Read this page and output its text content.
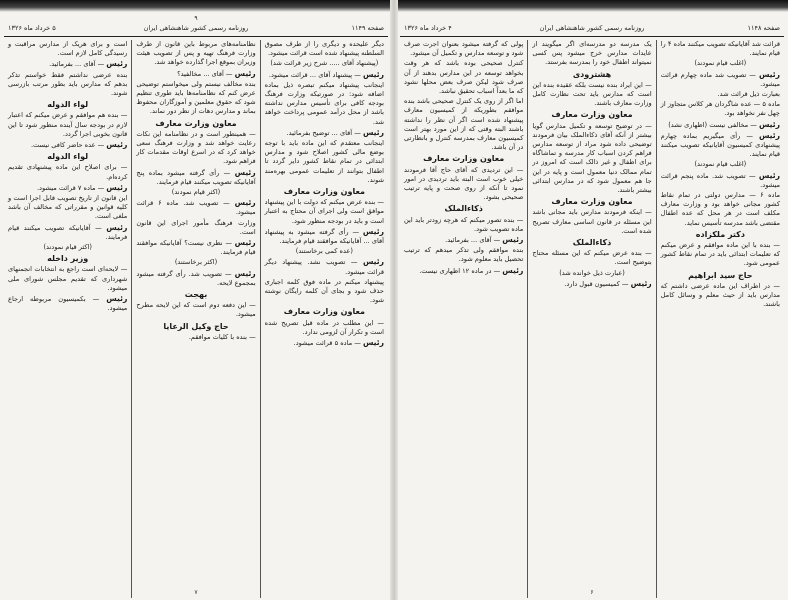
صفحه ۱۱۴۹
۹
روزنامه رسمی کشور شاهنشاهی ایران
۵ خرداد ماه ۱۳۲۶

دیگر علیحده و دیگری را از طرف مصوق السلطنه پیشنهاد شده است قرائت میشود.

(پیشنهاد آقای ..... شرح زیر قرائت شد)

رئیس — پیشنهاد آقای ... قرائت میشود.

اینجانب پیشنهاد میکنم تبصره ذیل بماده اضافه شود: در صورتیکه وزارت فرهنگ بودجه کافی برای تأسیس مدارس نداشته باشد از محل درآمد عمومی پرداخت خواهد شد.

رئیس — آقای ... توضیح بفرمائید.

اینجانب معتقدم که این ماده باید با توجه بوضع مالی کشور اصلاح شود و مدارس ابتدائی در تمام نقاط کشور دایر گردد تا اطفال بتوانند از تعلیمات عمومی بهره‌مند شوند.

معاون وزارت معارف

— بنده عرض میکنم که دولت با این پیشنهاد موافق است ولی اجرای آن محتاج به اعتبار است و باید در بودجه منظور شود.

رئیس — رأی گرفته میشود به پیشنهاد آقای ... آقایانیکه موافقند قیام فرمایند.

(عده کمی برخاستند)

رئیس — تصویب نشد. پیشنهاد دیگر قرائت میشود.

پیشنهاد میکنم در ماده فوق کلمه اجباری حذف شود و بجای آن کلمه رایگان نوشته شود.

معاون وزارت معارف

— این مطلب در ماده قبل تصریح شده است و تکرار آن لزومی ندارد.

رئیس — ماده ۵ قرائت میشود.

نظامنامه‌های مربوط باین قانون از طرف وزارت فرهنگ تهیه و پس از تصویب هیئت وزیران بموقع اجرا گذارده خواهد شد.

رئیس — آقای ... مخالفید؟

بنده مخالف نیستم ولی میخواستم توضیحی عرض کنم که نظامنامه‌ها باید طوری تنظیم شود که حقوق معلمین و آموزگاران محفوظ بماند و مدارس دهات از نظر دور نماند.

معاون وزارت معارف

— همینطور است و در نظامنامه این نکات رعایت خواهد شد و وزارت فرهنگ سعی خواهد کرد که در اسرع اوقات مقدمات کار فراهم شود.

رئیس — رأی گرفته میشود بماده پنج آقایانیکه تصویب میکنند قیام فرمایند.

(اکثر قیام نمودند)

رئیس — تصویب شد. ماده ۶ قرائت میشود.

وزارت فرهنگ مأمور اجرای این قانون است.

رئیس — نظری نیست؟ آقایانیکه موافقند قیام فرمایند.

(اکثر برخاستند)

رئیس — تصویب شد. رأی گرفته میشود بمجموع لایحه.

بهجت

— این دفعه دوم است که این لایحه مطرح میشود.

حاج وکیل الرعایا

— بنده با کلیات موافقم.

است و برای هریک از مدارس مراقبت و رسیدگی کامل لازم است.

رئیس — آقای ... بفرمائید.

بنده عرضی نداشتم فقط خواستم تذکر بدهم که مدارس باید بطور مرتب بازرسی شوند.

لواء الدوله

— بنده هم موافقم و عرض میکنم که اعتبار لازم در بودجه سال آینده منظور شود تا این قانون بخوبی اجرا گردد.

رئیس — عده حاضر کافی نیست.

لواء الدوله

— برای اصلاح این ماده پیشنهادی تقدیم کرده‌ام.

رئیس — ماده ۷ قرائت میشود.

این قانون از تاریخ تصویب قابل اجرا است و کلیه قوانین و مقرراتی که مخالف آن باشد ملغی است.

رئیس — آقایانیکه تصویب میکنند قیام فرمایند.

(اکثر قیام نمودند)

وزیر داخله

— لایحه‌ای است راجع به انتخابات انجمنهای شهرداری که تقدیم مجلس شورای ملی میشود.

رئیس — بکمیسیون مربوطه ارجاع میشود.

۷
صفحه ۱۱۴۸
روزنامه رسمی کشور شاهنشاهی ایران
۴ خرداد ماه ۱۳۲۶

قرائت شد آقایانیکه تصویب میکنند ماده ۴ را قیام نمایند.

(اغلب قیام نمودند)

رئیس — تصویب شد ماده چهارم قرائت میشود.

بعبارت ذیل قرائت شد.

ماده ۵ — عده شاگردان هر کلاس متجاوز از چهل نفر نخواهد بود.

رئیس — مخالفی نیست (اظهاری نشد)

رئیس — رأی میگیریم بماده چهارم پیشنهادی کمیسیون آقایانیکه تصویب میکنند قیام نمایند.

(اغلب قیام نمودند)

رئیس — تصویب شد. ماده پنجم قرائت میشود.

ماده ۶ — مدارس دولتی در تمام نقاط کشور مجانی خواهد بود و وزارت معارف مکلف است در هر محل که عده اطفال مقتضی باشد مدرسه تأسیس نماید.

دکتر ملکزاده

— بنده با این ماده موافقم و عرض میکنم که تعلیمات ابتدائی باید در تمام نقاط کشور عمومی شود.

حاج سید ابراهیم

— در اطراف این ماده عرضی داشتم که مدارس باید از حیث معلم و وسائل کامل باشند.

یک مدرسه دو مدرسه‌ای اگر میگویند از عایدات مدارس خرج میشود پس کسی نمیتواند اطفال خود را بمدرسه بفرستد.

هشترودی

— این ایراد بنده نیست بلکه عقیده بنده این است که مدارس باید تحت نظارت کامل وزارت معارف باشند.

معاون وزارت معارف

— در توضیح توسعه و تکمیل مدارس گویا بیشتر از آنکه آقای ذکاءالملک بیان فرمودند توضیحی داده شود مراد از توسعه مدارس فراهم کردن اسباب کار مدرسه و تماشاگاه برای اطفال و غیر ذالک است که امروز در تمام ممالک دنیا معمول است و پایه در این جا هم معمول شود که در مدارس ابتدائی بیشتر باشند.

معاون وزارت معارف

— اینکه فرمودند مدارس باید مجانی باشد این مسئله در قانون اساسی معارف تصریح شده است.

ذکاءالملک

— بنده عرض میکنم که این مسئله محتاج بتوضیح است.

(عبارت ذیل خوانده شد)

رئیس — کمیسیون قبول دارد.

پولی که گرفته میشود بعنوان اجرت صرف شود و توسعه مدارس و تکمیل آن میشود.

کنترل صحیحی بوده باشد که هر وقت بخواهد توسعه در این مدارس بدهند از آن صرف شود لیکن صرف بعض محلها نشود که ما بعداً اسباب تحقیق نباشد.

اما اگر از روی یک کنترل صحیحی باشد بنده موافقم بطوریکه از کمیسیون معارف پیشنهاد شده است اگر آن نظر را نداشته باشند البته وقتی که از این مورد بهتر است کمیسیون معارف بمدرسه کنترل و بانظارتی در آن باشد.

معاون وزارت معارف

— این تردیدی که آقای حاج آقا فرمودند خیلی خوب است البته باید تردیدی در امور نمود تا آنکه از روی صحت و پایه ترتیب صحیحی بشود.

ذکاءالملک

— بنده تصور میکنم که هرچه زودتر باید این ماده تصویب شود.

رئیس — آقای ... بفرمائید.

بنده موافقم ولی تذکر میدهم که ترتیب تحصیل باید معلوم شود.

رئیس — در ماده ۱۲ اظهاری نیست.

۶
